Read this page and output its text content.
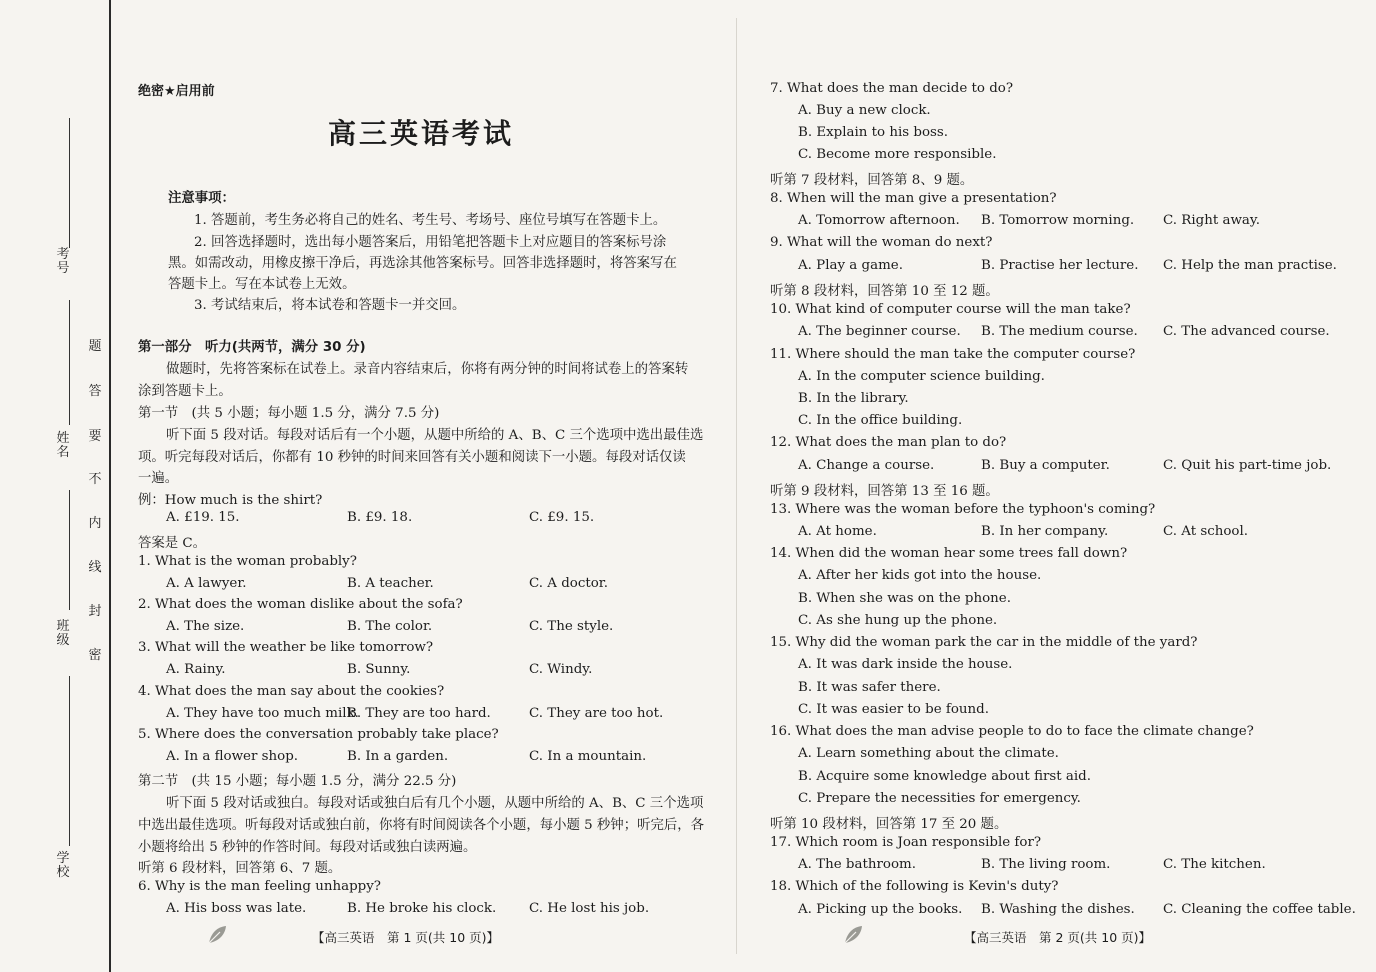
考号
姓名
班级
学校
题
答
要
不
内
线
封
密
绝密★启用前
高三英语考试
注意事项：
1. 答题前，考生务必将自己的姓名、考生号、考场号、座位号填写在答题卡上。
2. 回答选择题时，选出每小题答案后，用铅笔把答题卡上对应题目的答案标号涂
黑。如需改动，用橡皮擦干净后，再选涂其他答案标号。回答非选择题时，将答案写在
答题卡上。写在本试卷上无效。
3. 考试结束后，将本试卷和答题卡一并交回。
第一部分　听力(共两节，满分 30 分)
做题时，先将答案标在试卷上。录音内容结束后，你将有两分钟的时间将试卷上的答案转
涂到答题卡上。
第一节　(共 5 小题；每小题 1.5 分，满分 7.5 分)
听下面 5 段对话。每段对话后有一个小题，从题中所给的 A、B、C 三个选项中选出最佳选
项。听完每段对话后，你都有 10 秒钟的时间来回答有关小题和阅读下一小题。每段对话仅读
一遍。
例：How much is the shirt?
A. £19. 15.	B. £9. 18.	C. £9. 15.
答案是 C。
1. What is the woman probably?
A. A lawyer.	B. A teacher.	C. A doctor.
2. What does the woman dislike about the sofa?
A. The size.	B. The color.	C. The style.
3. What will the weather be like tomorrow?
A. Rainy.	B. Sunny.	C. Windy.
4. What does the man say about the cookies?
A. They have too much milk.
B. They are too hard.	C. They are too hot.
5. Where does the conversation probably take place?
A. In a flower shop.	B. In a garden.	C. In a mountain.
第二节　(共 15 小题；每小题 1.5 分，满分 22.5 分)
听下面 5 段对话或独白。每段对话或独白后有几个小题，从题中所给的 A、B、C 三个选项
中选出最佳选项。听每段对话或独白前，你将有时间阅读各个小题，每小题 5 秒钟；听完后，各
小题将给出 5 秒钟的作答时间。每段对话或独白读两遍。
听第 6 段材料，回答第 6、7 题。
6. Why is the man feeling unhappy?
A. His boss was late.	B. He broke his clock. C. He lost his job.
【高三英语　第 1 页(共 10 页)】
7. What does the man decide to do?
A. Buy a new clock.
B. Explain to his boss.
C. Become more responsible.
听第 7 段材料，回答第 8、9 题。
8. When will the man give a presentation?
A. Tomorrow afternoon. B. Tomorrow morning. C. Right away.
9. What will the woman do next?
A. Play a game.	B. Practise her lecture. C. Help the man practise.
听第 8 段材料，回答第 10 至 12 题。
10. What kind of computer course will the man take?
A. The beginner course. B. The medium course. C. The advanced course.
11. Where should the man take the computer course?
A. In the computer science building.
B. In the library.
C. In the office building.
12. What does the man plan to do?
A. Change a course.	B. Buy a computer.	C. Quit his part-time job.
听第 9 段材料，回答第 13 至 16 题。
13. Where was the woman before the typhoon's coming?
A. At home.	B. In her company.	C. At school.
14. When did the woman hear some trees fall down?
A. After her kids got into the house.
B. When she was on the phone.
C. As she hung up the phone.
15. Why did the woman park the car in the middle of the yard?
A. It was dark inside the house.
B. It was safer there.
C. It was easier to be found.
16. What does the man advise people to do to face the climate change?
A. Learn something about the climate.
B. Acquire some knowledge about first aid.
C. Prepare the necessities for emergency.
听第 10 段材料，回答第 17 至 20 题。
17. Which room is Joan responsible for?
A. The bathroom.	B. The living room.	C. The kitchen.
18. Which of the following is Kevin's duty?
A. Picking up the books. B. Washing the dishes. C. Cleaning the coffee table.
【高三英语　第 2 页(共 10 页)】
